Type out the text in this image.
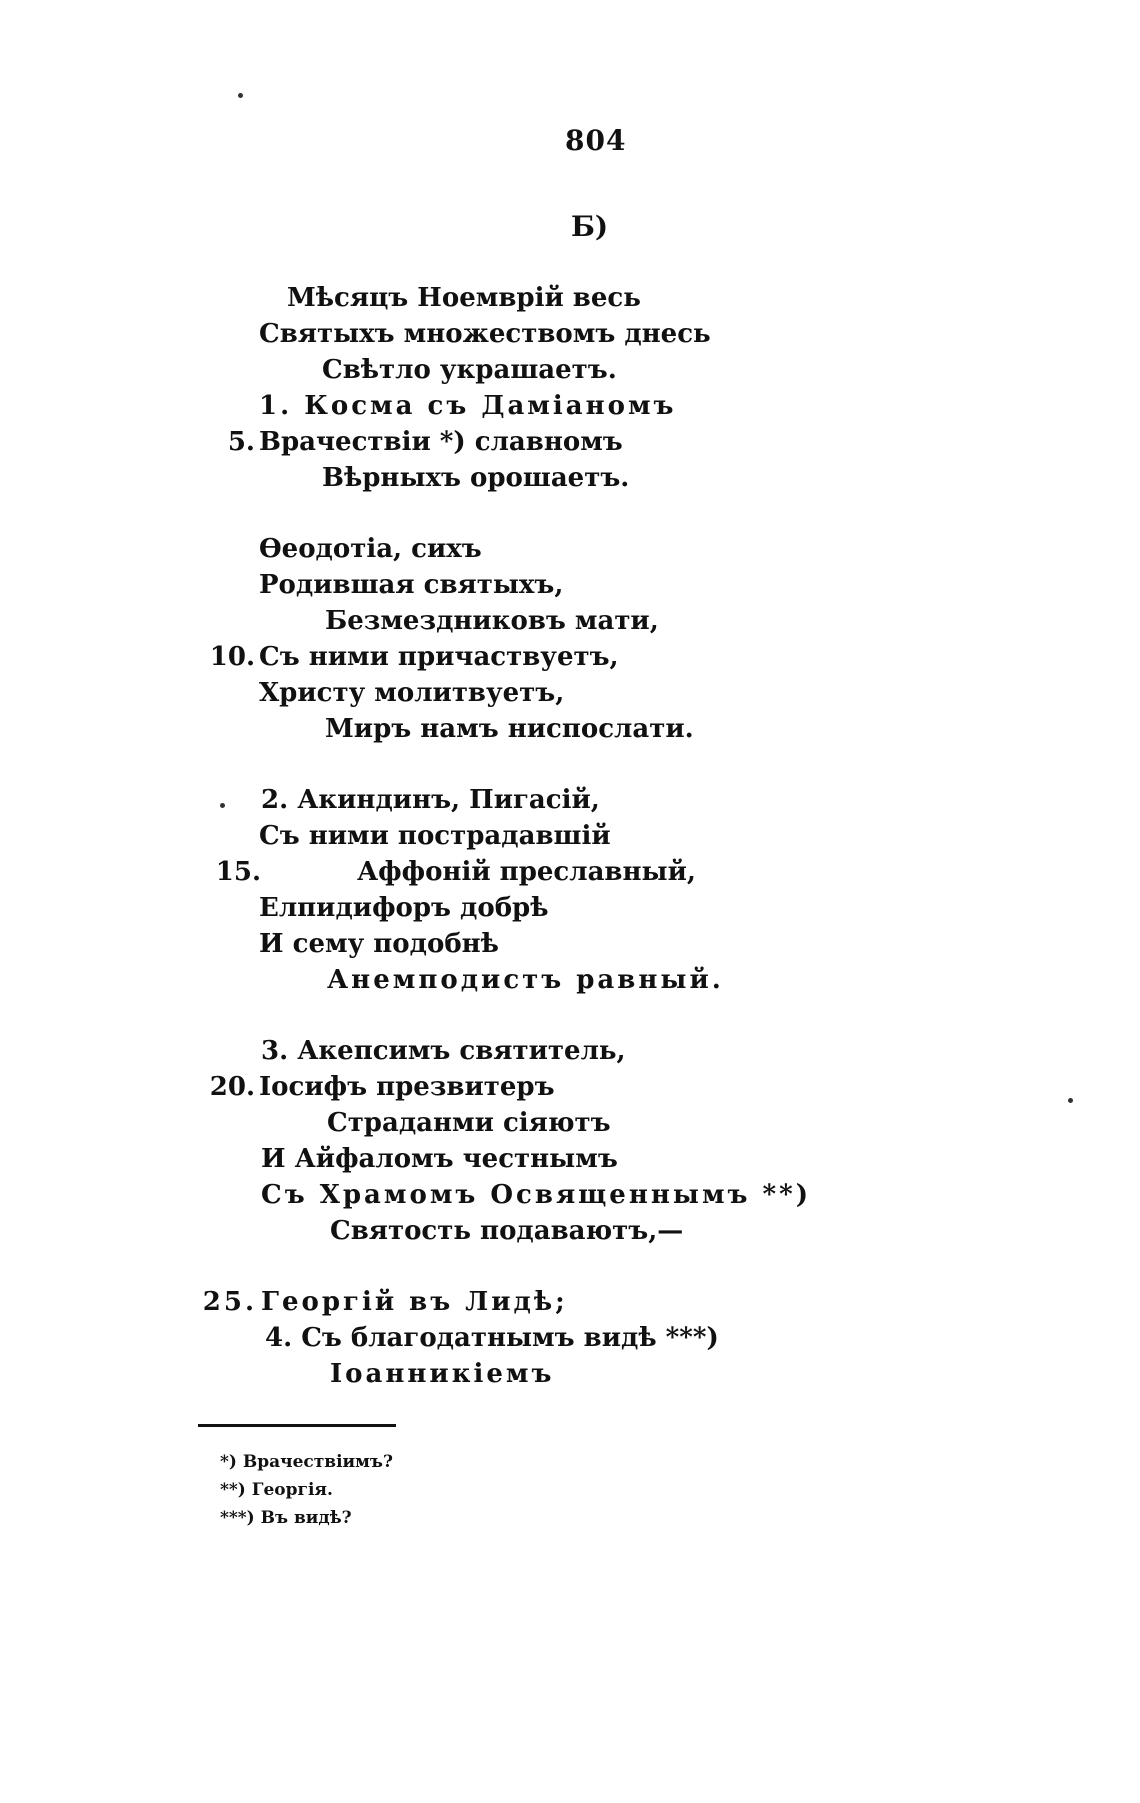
804
Б)
Мѣсяцъ Ноемврій весь
Святыхъ множествомъ днесь
Свѣтло украшаетъ.
1. Косма съ Даміаномъ
5. Врачествіи *) славномъ
Вѣрныхъ орошаетъ.
Ѳеодотіа, сихъ
Родившая святыхъ,
Безмездниковъ мати,
10. Съ ними причаствуетъ,
Христу молитвуетъ,
Миръ намъ ниспослати.
2. Акиндинъ, Пигасій,
Съ ними пострадавшій
15.	Аффоній преславный,
Елпидифоръ добрѣ
И сему подобнѣ
Анемподистъ равный.
3. Акепсимъ святитель,
20. Іосифъ презвитеръ
Страданми сіяютъ
И Айфаломъ честнымъ
Съ Храмомъ Освященнымъ **)
Святость подаваютъ,—
25. Георгій въ Лидѣ;
4. Съ благодатнымъ видѣ ***)
Іоанникіемъ
*) Врачествіимъ?
**) Георгія.
***) Въ видѣ?
